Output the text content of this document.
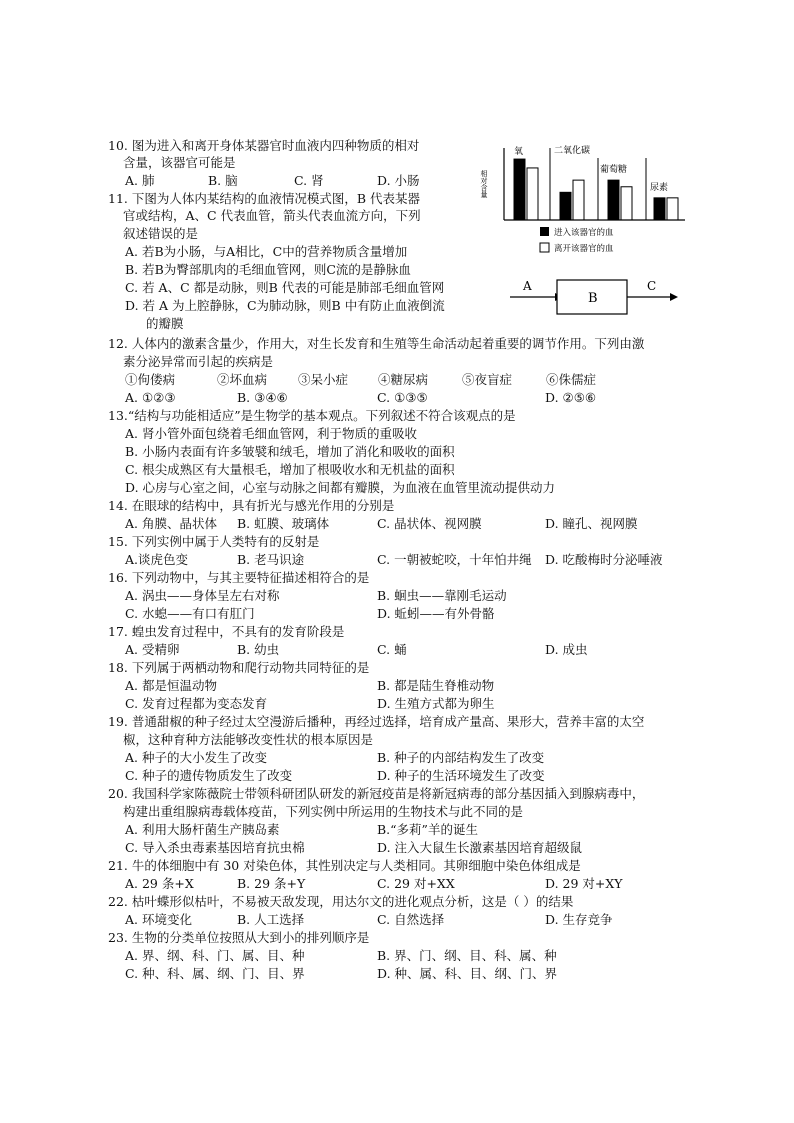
10. 图为进入和离开身体某器官时血液内四种物质的相对
含量，该器官可能是
A. 肺	B. 脑	C. 肾	D. 小肠
11. 下图为人体内某结构的血液情况模式图，B 代表某器
官或结构，A、C 代表血管，箭头代表血流方向，下列
叙述错误的是
A. 若B为小肠，与A相比，C中的营养物质含量增加
B. 若B为臀部肌肉的毛细血管网，则C流的是静脉血
C. 若 A、C 都是动脉，则B 代表的可能是肺部毛细血管网
D. 若 A 为上腔静脉，C为肺动脉，则B 中有防止血液倒流
的瓣膜
相对含量
氧	二氧化碳
葡萄糖
尿素
进入该器官的血
离开该器官的血
A
B
C
12. 人体内的激素含量少，作用大，对生长发育和生殖等生命活动起着重要的调节作用。下列由激
素分泌异常而引起的疾病是
①佝偻病	②坏血病 ③呆小症 ④糖尿病	⑤夜盲症	⑥侏儒症
A. ①②③	B. ③④⑥	C. ①③⑤	D. ②⑤⑥
13.“结构与功能相适应”是生物学的基本观点。下列叙述不符合该观点的是
A. 肾小管外面包绕着毛细血管网，利于物质的重吸收
B. 小肠内表面有许多皱襞和绒毛，增加了消化和吸收的面积
C. 根尖成熟区有大量根毛，增加了根吸收水和无机盐的面积
D. 心房与心室之间，心室与动脉之间都有瓣膜，为血液在血管里流动提供动力
14. 在眼球的结构中，具有折光与感光作用的分别是
A. 角膜、晶状体 B. 虹膜、玻璃体	C. 晶状体、视网膜	D. 瞳孔、视网膜
15. 下列实例中属于人类特有的反射是
A.谈虎色变	B. 老马识途	C. 一朝被蛇咬，十年怕井绳 D. 吃酸梅时分泌唾液
16. 下列动物中，与其主要特征描述相符合的是
A. 涡虫——身体呈左右对称	B. 蛔虫——靠刚毛运动
C. 水螅——有口有肛门	D. 蚯蚓——有外骨骼
17. 蝗虫发育过程中，不具有的发育阶段是
A. 受精卵	B. 幼虫	C. 蛹	D. 成虫
18. 下列属于两栖动物和爬行动物共同特征的是
A. 都是恒温动物	B. 都是陆生脊椎动物
C. 发育过程都为变态发育	D. 生殖方式都为卵生
19. 普通甜椒的种子经过太空漫游后播种，再经过选择，培育成产量高、果形大，营养丰富的太空
椒，这种育种方法能够改变性状的根本原因是
A. 种子的大小发生了改变	B. 种子的内部结构发生了改变
C. 种子的遗传物质发生了改变	D. 种子的生活环境发生了改变
20. 我国科学家陈薇院士带领科研团队研发的新冠疫苗是将新冠病毒的部分基因插入到腺病毒中，
构建出重组腺病毒载体疫苗，下列实例中所运用的生物技术与此不同的是
A. 利用大肠杆菌生产胰岛素	B.“多莉”羊的诞生
C. 导入杀虫毒素基因培育抗虫棉	D. 注入大鼠生长激素基因培育超级鼠
21. 牛的体细胞中有 30 对染色体，其性别决定与人类相同。其卵细胞中染色体组成是
A. 29 条+X	B. 29 条+Y	C. 29 对+XX	D. 29 对+XY
22. 枯叶蝶形似枯叶，不易被天敌发现，用达尔文的进化观点分析，这是（ ）的结果
A. 环境变化	B. 人工选择	C. 自然选择	D. 生存竞争
23. 生物的分类单位按照从大到小的排列顺序是
A. 界、纲、科、门、属、目、种	B. 界、门、纲、目、科、属、种
C. 种、科、属、纲、门、目、界	D. 种、属、科、目、纲、门、界
